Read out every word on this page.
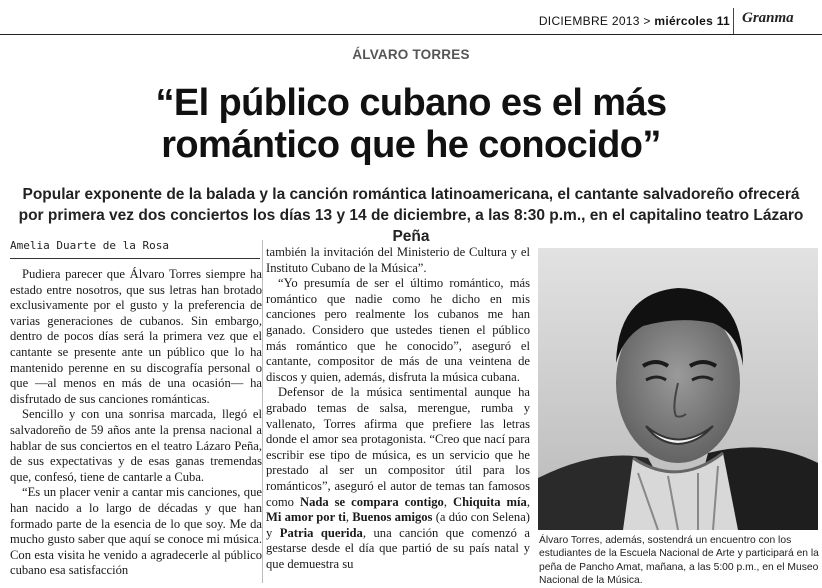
DICIEMBRE 2013 > miércoles 11 Granma
ÁLVARO TORRES
“El público cubano es el más
romántico que he conocido”
Popular exponente de la balada y la canción romántica latinoamericana, el cantante salvadoreño ofrecerá
por primera vez dos conciertos los días 13 y 14 de diciembre, a las 8:30 p.m., en el capitalino teatro Lázaro Peña
Amelia Duarte de la Rosa

Pudiera parecer que Álvaro Torres siempre ha estado entre nosotros, que sus letras han brotado exclusivamente por el gusto y la preferencia de varias generaciones de cubanos. Sin embargo, dentro de pocos días será la primera vez que el cantante se presente ante un público que lo ha mantenido perenne en su discografía personal o que —al menos en más de una ocasión— ha disfrutado de sus canciones románticas.

Sencillo y con una sonrisa marcada, llegó el salvadoreño de 59 años ante la prensa nacional a hablar de sus conciertos en el teatro Lázaro Peña, de sus expectativas y de esas ganas tremendas que, confesó, tiene de cantarle a Cuba.

“Es un placer venir a cantar mis canciones, que han nacido a lo largo de décadas y que han formado parte de la esencia de lo que soy. Me da mucho gusto saber que aquí se conoce mi música. Con esta visita he venido a agradecerle al público cubano esa satisfacción

también la invitación del Ministerio de Cultura y el Instituto Cubano de la Música”.

“Yo presumía de ser el último romántico, más romántico que nadie como he dicho en mis canciones pero realmente los cubanos me han ganado. Considero que ustedes tienen el público más romántico que he conocido”, aseguró el cantante, compositor de más de una veintena de discos y quien, además, disfruta la música cubana.

Defensor de la música sentimental aunque ha grabado temas de salsa, merengue, rumba y vallenato, Torres afirma que prefiere las letras donde el amor sea protagonista. “Creo que nací para escribir ese tipo de música, es un servicio que he prestado al ser un compositor útil para los románticos”, aseguró el autor de temas tan famosos como Nada se compara contigo, Chiquita mía, Mi amor por ti, Buenos amigos (a dúo con Selena) y Patria querida, una canción que comenzó a gestarse desde el día que partió de su país natal y que demuestra su

Álvaro Torres, además, sostendrá un encuentro con los estudiantes de la Escuela Nacional de Arte y participará en la peña de Pancho Amat, mañana, a las 5:00 p.m., en el Museo Nacional de la Música.
